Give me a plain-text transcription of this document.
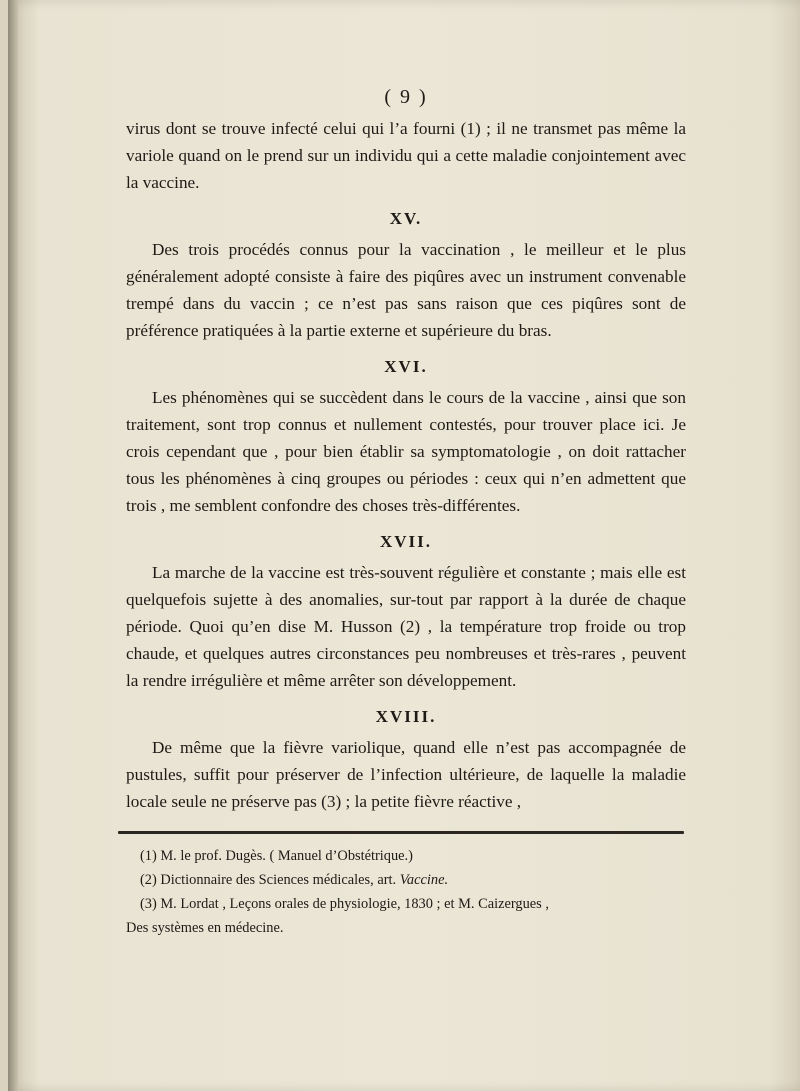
( 9 )

virus dont se trouve infecté celui qui l’a fourni (1) ; il ne transmet pas même la variole quand on le prend sur un individu qui a cette maladie conjointement avec la vaccine.

XV.

Des trois procédés connus pour la vaccination , le meilleur et le plus généralement adopté consiste à faire des piqûres avec un instrument convenable trempé dans du vaccin ; ce n’est pas sans raison que ces piqûres sont de préférence pratiquées à la partie externe et supérieure du bras.

XVI.

Les phénomènes qui se succèdent dans le cours de la vaccine , ainsi que son traitement, sont trop connus et nullement contestés, pour trouver place ici. Je crois cependant que , pour bien établir sa symptomatologie , on doit rattacher tous les phénomènes à cinq groupes ou périodes : ceux qui n’en admettent que trois , me semblent confondre des choses très-différentes.

XVII.

La marche de la vaccine est très-souvent régulière et constante ; mais elle est quelquefois sujette à des anomalies, sur-tout par rapport à la durée de chaque période. Quoi qu’en dise M. Husson (2) , la température trop froide ou trop chaude, et quelques autres circonstances peu nombreuses et très-rares , peuvent la rendre irrégulière et même arrêter son développement.

XVIII.

De même que la fièvre variolique, quand elle n’est pas accompagnée de pustules, suffit pour préserver de l’infection ultérieure, de laquelle la maladie locale seule ne préserve pas (3) ; la petite fièvre réactive ,

(1) M. le prof. Dugès. ( Manuel d’Obstétrique.)

(2) Dictionnaire des Sciences médicales, art. Vaccine.

(3) M. Lordat , Leçons orales de physiologie, 1830 ; et M. Caizergues ,
Des systèmes en médecine.
